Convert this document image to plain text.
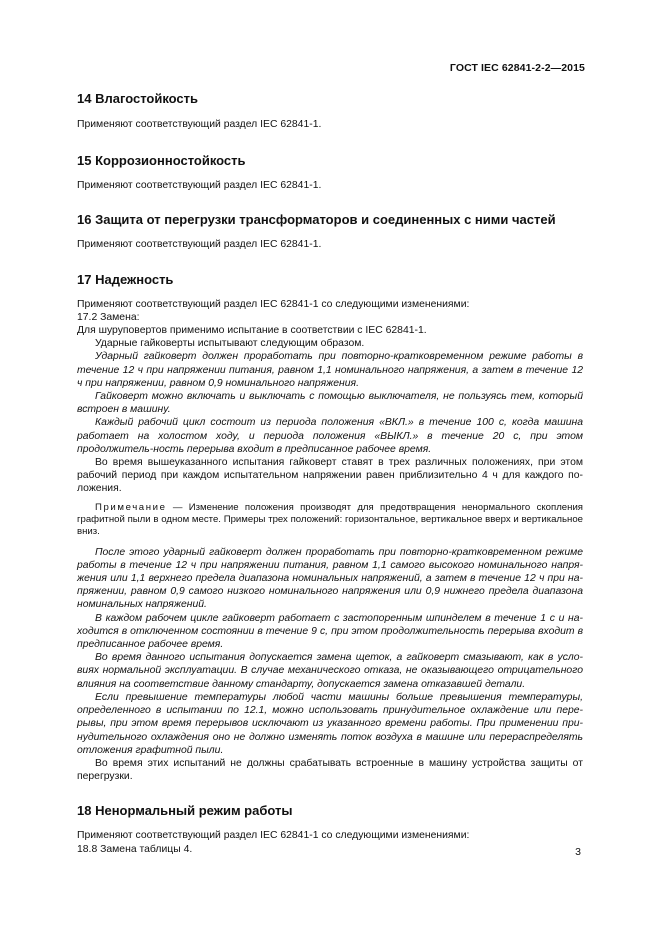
ГОСТ IEC 62841-2-2—2015
14 Влагостойкость

Применяют соответствующий раздел IEC 62841-1.

15 Коррозионностойкость

Применяют соответствующий раздел IEC 62841-1.

16 Защита от перегрузки трансформаторов и соединенных с ними частей

Применяют соответствующий раздел IEC 62841-1.

17 Надежность

Применяют соответствующий раздел IEC 62841-1 со следующими изменениями:

17.2 Замена:

Для шуруповертов применимо испытание в соответствии с IEC 62841-1.

Ударные гайковерты испытывают следующим образом.

Ударный гайковерт должен проработать при повторно-кратковременном режиме работы в течение 12 ч при напряжении питания, равном 1,1 номинального напряжения, а затем в течение 12 ч при напряжении, равном 0,9 номинального напряжения.

Гайковерт можно включать и выключать с помощью выключателя, не пользуясь тем, который встроен в машину.

Каждый рабочий цикл состоит из периода положения «ВКЛ.» в течение 100 с, когда машина работает на холостом ходу, и периода положения «ВЫКЛ.» в течение 20 с, при этом продолжитель-ность перерыва входит в предписанное рабочее время.

Во время вышеуказанного испытания гайковерт ставят в трех различных положениях, при этом рабочий период при каждом испытательном напряжении равен приблизительно 4 ч для каждого по-ложения.

Примечание — Изменение положения производят для предотвращения ненормального скопления графитной пыли в одном месте. Примеры трех положений: горизонтальное, вертикальное вверх и вертикальное вниз.

После этого ударный гайковерт должен проработать при повторно-кратковременном режиме работы в течение 12 ч при напряжении питания, равном 1,1 самого высокого номинального напря-жения или 1,1 верхнего предела диапазона номинальных напряжений, а затем в течение 12 ч при на-пряжении, равном 0,9 самого низкого номинального напряжения или 0,9 нижнего предела диапазона номинальных напряжений.

В каждом рабочем цикле гайковерт работает с застопоренным шпинделем в течение 1 с и на-ходится в отключенном состоянии в течение 9 с, при этом продолжительность перерыва входит в предписанное рабочее время.

Во время данного испытания допускается замена щеток, а гайковерт смазывают, как в усло-виях нормальной эксплуатации. В случае механического отказа, не оказывающего отрицательного влияния на соответствие данному стандарту, допускается замена отказавшей детали.

Если превышение температуры любой части машины больше превышения температуры, определенного в испытании по 12.1, можно использовать принудительное охлаждение или пере-рывы, при этом время перерывов исключают из указанного времени работы. При применении при-нудительного охлаждения оно не должно изменять поток воздуха в машине или перераспределять отложения графитной пыли.

Во время этих испытаний не должны срабатывать встроенные в машину устройства защиты от перегрузки.

18 Ненормальный режим работы

Применяют соответствующий раздел IEC 62841-1 со следующими изменениями:

18.8 Замена таблицы 4.	3
